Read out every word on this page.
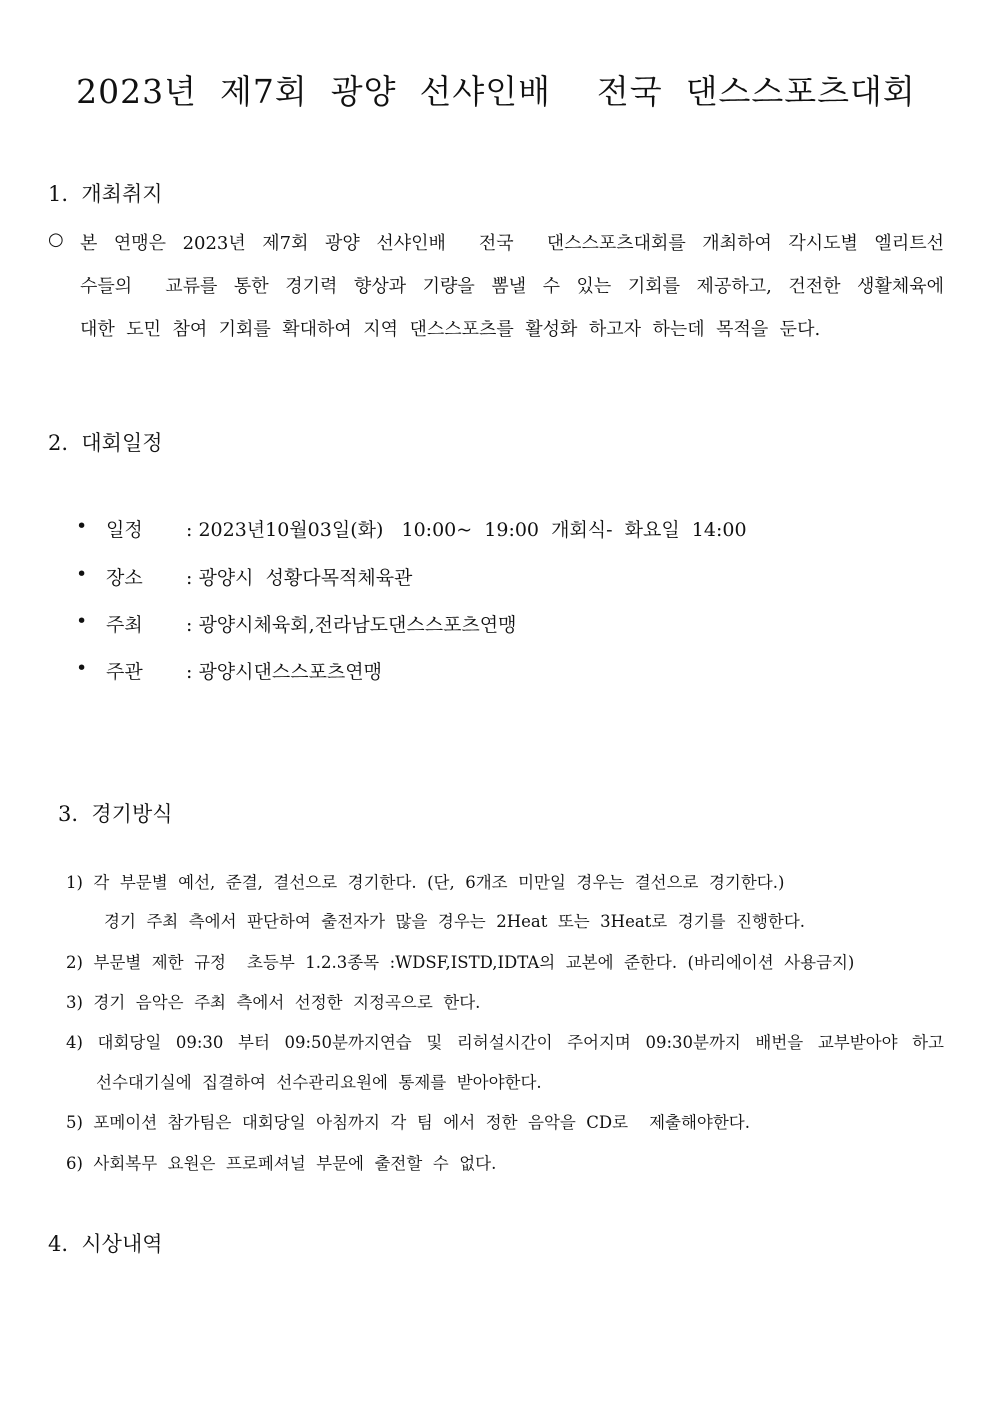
2023년  제7회  광양  선샤인배    전국  댄스스포츠대회
1.  개최취지
○ 본  연맹은  2023년  제7회  광양  선샤인배    전국    댄스스포츠대회를  개최하여  각시도별  엘리트선
수들의    교류를  통한  경기력  향상과  기량을  뽐낼  수  있는  기회를  제공하고,  건전한  생활체육에
대한  도민  참여  기회를  확대하여  지역  댄스스포츠를  활성화  하고자  하는데  목적을  둔다.
2.  대회일정

•

일정

: 2023년10월03일(화)   10:00~  19:00  개회식-  화요일  14:00

•

장소

: 광양시  성황다목적체육관

•

주최

: 광양시체육회,전라남도댄스스포츠연맹

•

주관

: 광양시댄스스포츠연맹

3.  경기방식
1)  각  부문별  예선,  준결,  결선으로  경기한다.  (단,  6개조  미만일  경우는  결선으로  경기한다.)
경기  주최  측에서  판단하여  출전자가  많을  경우는  2Heat  또는  3Heat로  경기를  진행한다.
2)  부문별  제한  규정    초등부  1.2.3종목  :WDSF,ISTD,IDTA의  교본에  준한다.  (바리에이션  사용금지)
3)  경기  음악은  주최  측에서  선정한  지정곡으로  한다.
4)  대회당일  09:30  부터  09:50분까지연습  및  리허설시간이  주어지며  09:30분까지  배번을  교부받아야  하고
선수대기실에  집결하여  선수관리요원에  통제를  받아야한다.
5)  포메이션  참가팀은  대회당일  아침까지  각  팀  에서  정한  음악을  CD로    제출해야한다.
6)  사회복무  요원은  프로페셔널  부문에  출전할  수  없다.
4.  시상내역
